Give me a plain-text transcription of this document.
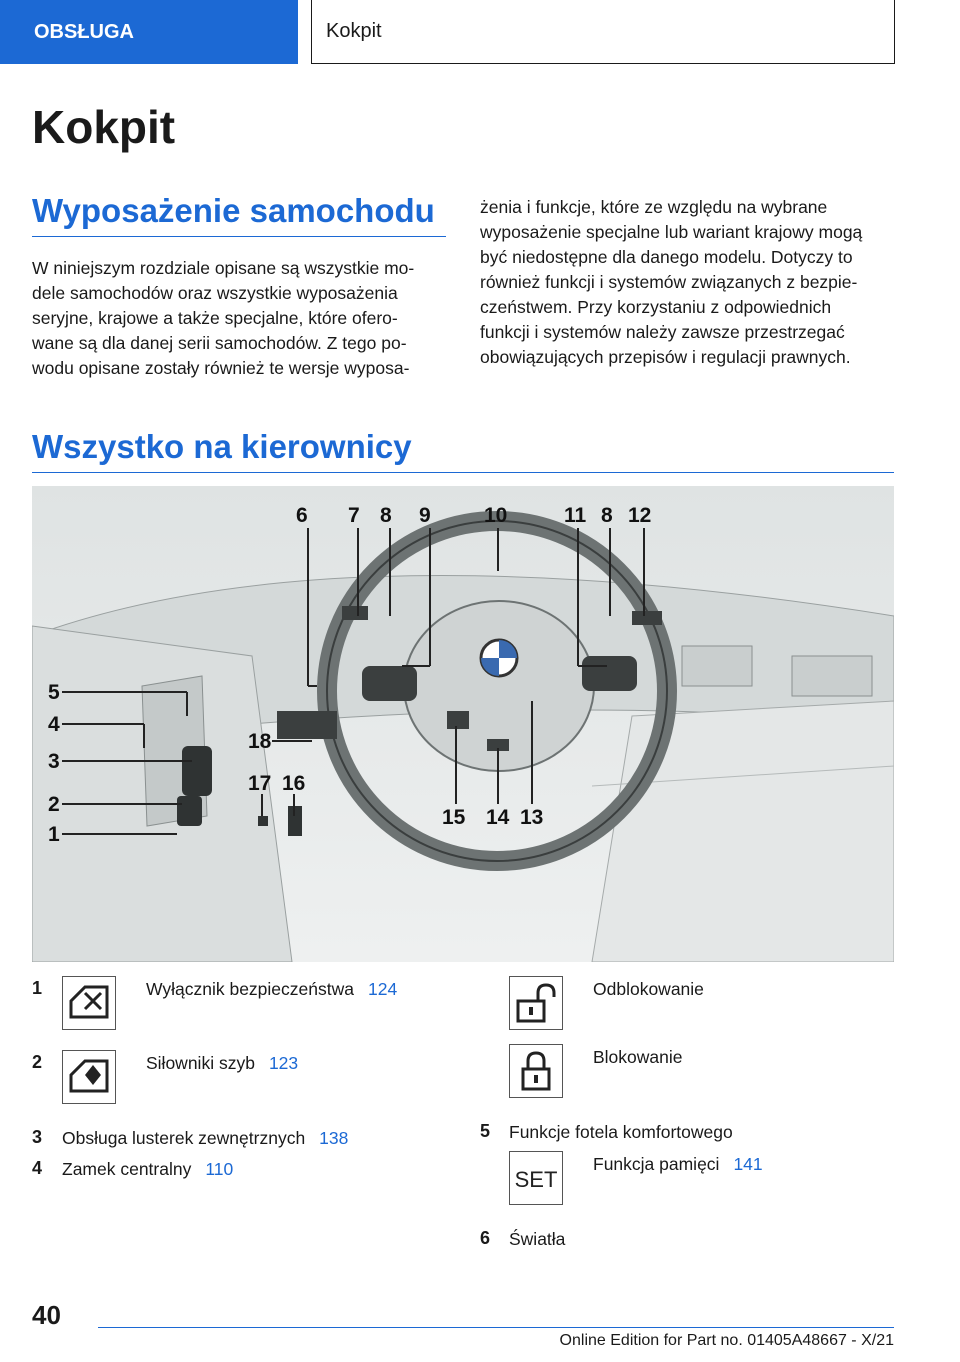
OBSŁUGA	Kokpit
Kokpit
Wyposażenie samochodu

W niniejszym rozdziale opisane są wszystkie mo‐
dele samochodów oraz wszystkie wyposażenia
seryjne, krajowe a także specjalne, które ofero‐
wane są dla danej serii samochodów. Z tego po‐
wodu opisane zostały również te wersje wyposa‐

żenia i funkcje, które ze względu na wybrane
wyposażenie specjalne lub wariant krajowy mogą
być niedostępne dla danego modelu. Dotyczy to
również funkcji i systemów związanych z bezpie‐
czeństwem. Przy korzystaniu z odpowiednich
funkcji i systemów należy zawsze przestrzegać
obowiązujących przepisów i regulacji prawnych.

Wszystko na kierownicy
6 7 8 9	10	11 8 12
5
4
3
2
1
18
17 16
15 14 13
1	Wyłącznik bezpieczeństwa 124
2	Siłowniki szyb 123
3 Obsługa lusterek zewnętrznych 138
4 Zamek centralny 110
Odblokowanie
Blokowanie
5 Funkcje fotela komfortowego
SET
Funkcja pamięci 141
6 Światła
40
Online Edition for Part no. 01405A48667 - X/21
